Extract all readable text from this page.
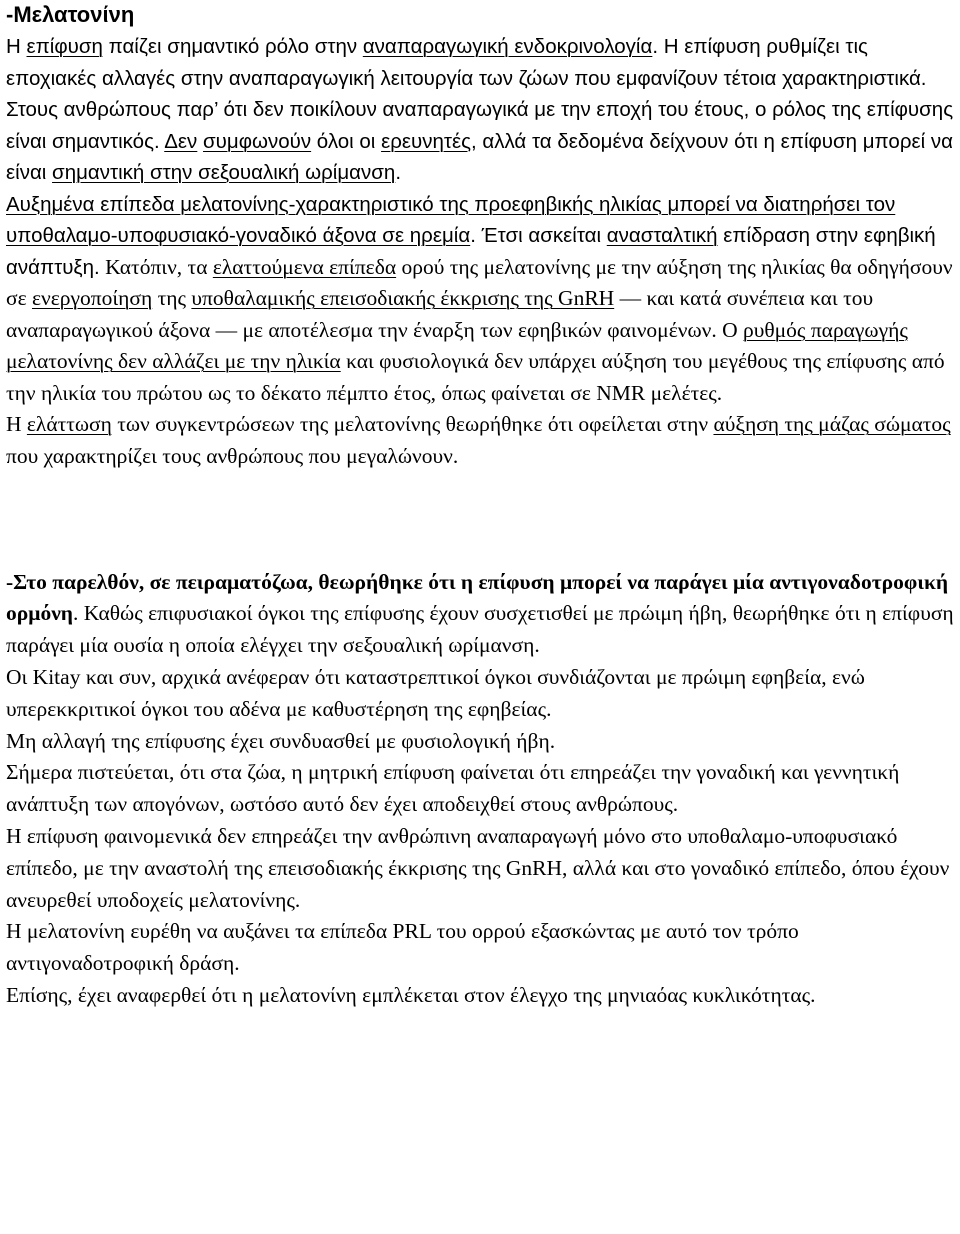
-Μελατονίνη

Η επίφυση παίζει σημαντικό ρόλο στην αναπαραγωγική ενδοκρινολογία. Η επίφυση ρυθμίζει τις εποχιακές αλλαγές στην αναπαραγωγική λειτουργία των ζώων που εμφανίζουν τέτοια χαρακτηριστικά. Στους ανθρώπους παρ’ ότι δεν ποικίλουν αναπαραγωγικά με την εποχή του έτους, ο ρόλος της επίφυσης είναι σημαντικός. Δεν συμφωνούν όλοι οι ερευνητές, αλλά τα δεδομένα δείχνουν ότι η επίφυση μπορεί να είναι σημαντική στην σεξουαλική ωρίμανση.

Αυξημένα επίπεδα μελατονίνης-χαρακτηριστικό της προεφηβικής ηλικίας μπορεί να διατηρήσει τον υποθαλαμο-υποφυσιακό-γοναδικό άξονα σε ηρεμία. Έτσι ασκείται ανασταλτική επίδραση στην εφηβική ανάπτυξη. Κατόπιν, τα ελαττούμενα επίπεδα ορού της μελατονίνης με την αύξηση της ηλικίας θα οδηγήσουν σε ενεργοποίηση της υποθαλαμικής επεισοδιακής έκκρισης της GnRH — και κατά συνέπεια και του αναπαραγωγικού άξονα — με αποτέλεσμα την έναρξη των εφηβικών φαινομένων. Ο ρυθμός παραγωγής μελατονίνης δεν αλλάζει με την ηλικία και φυσιολογικά δεν υπάρχει αύξηση του μεγέθους της επίφυσης από την ηλικία του πρώτου ως το δέκατο πέμπτο έτος, όπως φαίνεται σε NMR μελέτες.

Η ελάττωση των συγκεντρώσεων της μελατονίνης θεωρήθηκε ότι οφείλεται στην αύξηση της μάζας σώματος που χαρακτηρίζει τους ανθρώπους που μεγαλώνουν.

-Στο παρελθόν, σε πειραματόζωα, θεωρήθηκε ότι η επίφυση μπορεί να παράγει μία αντιγοναδοτροφική ορμόνη. Καθώς επιφυσιακοί όγκοι της επίφυσης έχουν συσχετισθεί με πρώιμη ήβη, θεωρήθηκε ότι η επίφυση παράγει μία ουσία η οποία ελέγχει την σεξουαλική ωρίμανση.

Οι Kitay και συν, αρχικά ανέφεραν ότι καταστρεπτικοί όγκοι συνδιάζονται με πρώιμη εφηβεία, ενώ υπερεκκριτικοί όγκοι του αδένα με καθυστέρηση της εφηβείας.

Μη αλλαγή της επίφυσης έχει συνδυασθεί με φυσιολογική ήβη.

Σήμερα πιστεύεται, ότι στα ζώα, η μητρική επίφυση φαίνεται ότι επηρεάζει την γοναδική και γεννητική ανάπτυξη των απογόνων, ωστόσο αυτό δεν έχει αποδειχθεί στους ανθρώπους.

Η επίφυση φαινομενικά δεν επηρεάζει την ανθρώπινη αναπαραγωγή μόνο στο υποθαλαμο-υποφυσιακό επίπεδο, με την αναστολή της επεισοδιακής έκκρισης της GnRH, αλλά και στο γοναδικό επίπεδο, όπου έχουν ανευρεθεί υποδοχείς μελατονίνης.

Η μελατονίνη ευρέθη να αυξάνει τα επίπεδα PRL του ορρού εξασκώντας με αυτό τον τρόπο αντιγοναδοτροφική δράση.

Επίσης, έχει αναφερθεί ότι η μελατονίνη εμπλέκεται στον έλεγχο της μηνιαόας κυκλικότητας.
